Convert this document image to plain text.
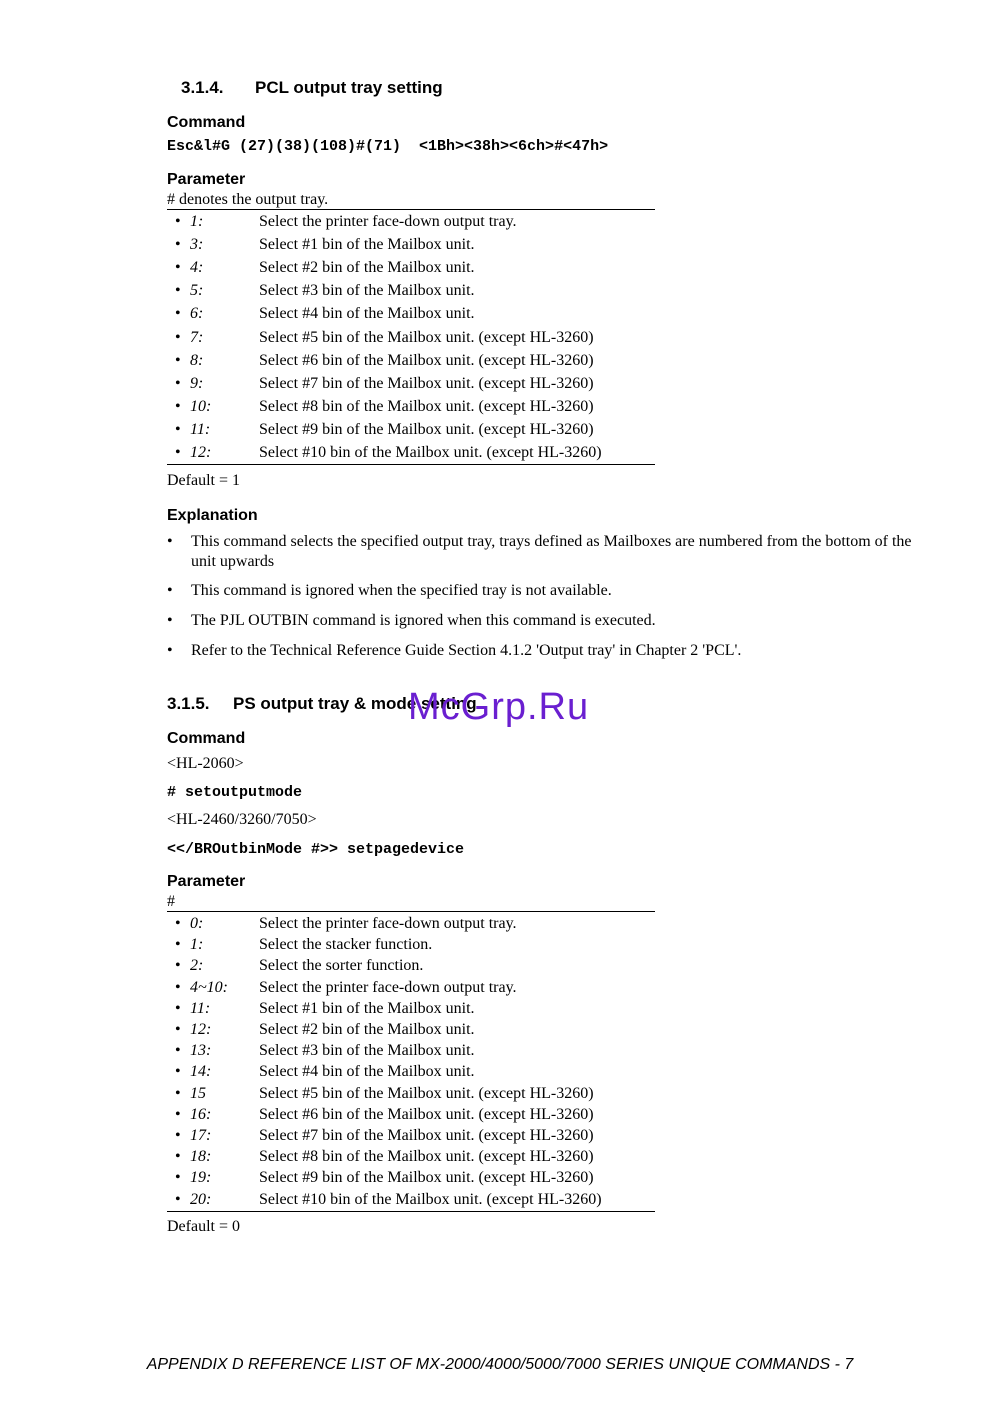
3.1.4. PCL output tray setting
Command
Esc&l#G (27)(38)(108)#(71)  <1Bh><38h><6ch>#<47h>
Parameter
# denotes the output tray.
• 1:	Select the printer face-down output tray.
• 3:	Select #1 bin of the Mailbox unit.
• 4:	Select #2 bin of the Mailbox unit.
• 5:	Select #3 bin of the Mailbox unit.
• 6:	Select #4 bin of the Mailbox unit.
• 7:	Select #5 bin of the Mailbox unit. (except HL-3260)
• 8:	Select #6 bin of the Mailbox unit. (except HL-3260)
• 9:	Select #7 bin of the Mailbox unit. (except HL-3260)
• 10:	Select #8 bin of the Mailbox unit. (except HL-3260)
• 11:	Select #9 bin of the Mailbox unit. (except HL-3260)
• 12:	Select #10 bin of the Mailbox unit. (except HL-3260)
Default = 1
Explanation
• This command selects the specified output tray, trays defined as Mailboxes are numbered from the bottom of the unit upwards
• This command is ignored when the specified tray is not available.
• The PJL OUTBIN command is ignored when this command is executed.
• Refer to the Technical Reference Guide Section 4.1.2 'Output tray' in Chapter 2 'PCL'.
3.1.5. PS output tray & mode setting
McGrp.Ru
Command
<HL-2060>
# setoutputmode
<HL-2460/3260/7050>
<</BROutbinMode #>> setpagedevice
Parameter
#
• 0:	Select the printer face-down output tray.
• 1:	Select the stacker function.
• 2:	Select the sorter function.
• 4~10: Select the printer face-down output tray.
• 11:	Select #1 bin of the Mailbox unit.
• 12:	Select #2 bin of the Mailbox unit.
• 13:	Select #3 bin of the Mailbox unit.
• 14:	Select #4 bin of the Mailbox unit.
• 15	Select #5 bin of the Mailbox unit. (except HL-3260)
• 16:	Select #6 bin of the Mailbox unit. (except HL-3260)
• 17:	Select #7 bin of the Mailbox unit. (except HL-3260)
• 18:	Select #8 bin of the Mailbox unit. (except HL-3260)
• 19:	Select #9 bin of the Mailbox unit. (except HL-3260)
• 20:	Select #10 bin of the Mailbox unit. (except HL-3260)
Default = 0
APPENDIX D REFERENCE LIST OF MX-2000/4000/5000/7000 SERIES UNIQUE COMMANDS - 7
